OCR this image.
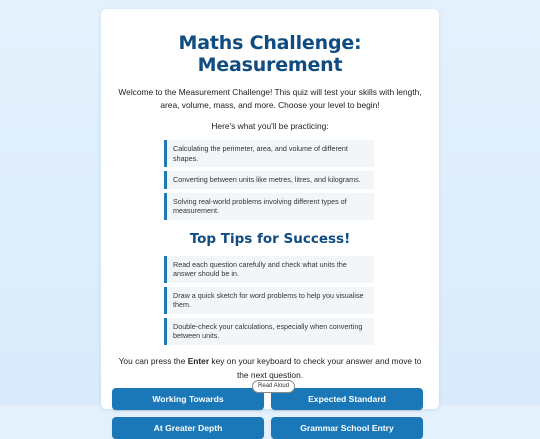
Maths Challenge: Measurement

Welcome to the Measurement Challenge! This quiz will test your skills with length, area, volume, mass, and more. Choose your level to begin!

Here's what you'll be practicing:

Calculating the perimeter, area, and volume of different shapes.
Converting between units like metres, litres, and kilograms.
Solving real-world problems involving different types of measurement.
Top Tips for Success!
Read each question carefully and check what units the answer should be in.
Draw a quick sketch for word problems to help you visualise them.
Double-check your calculations, especially when converting between units.

You can press the Enter key on your keyboard to check your answer and move to the next question.

Working Towards	Expected Standard
At Greater Depth	Grammar School Entry
Read Aloud
